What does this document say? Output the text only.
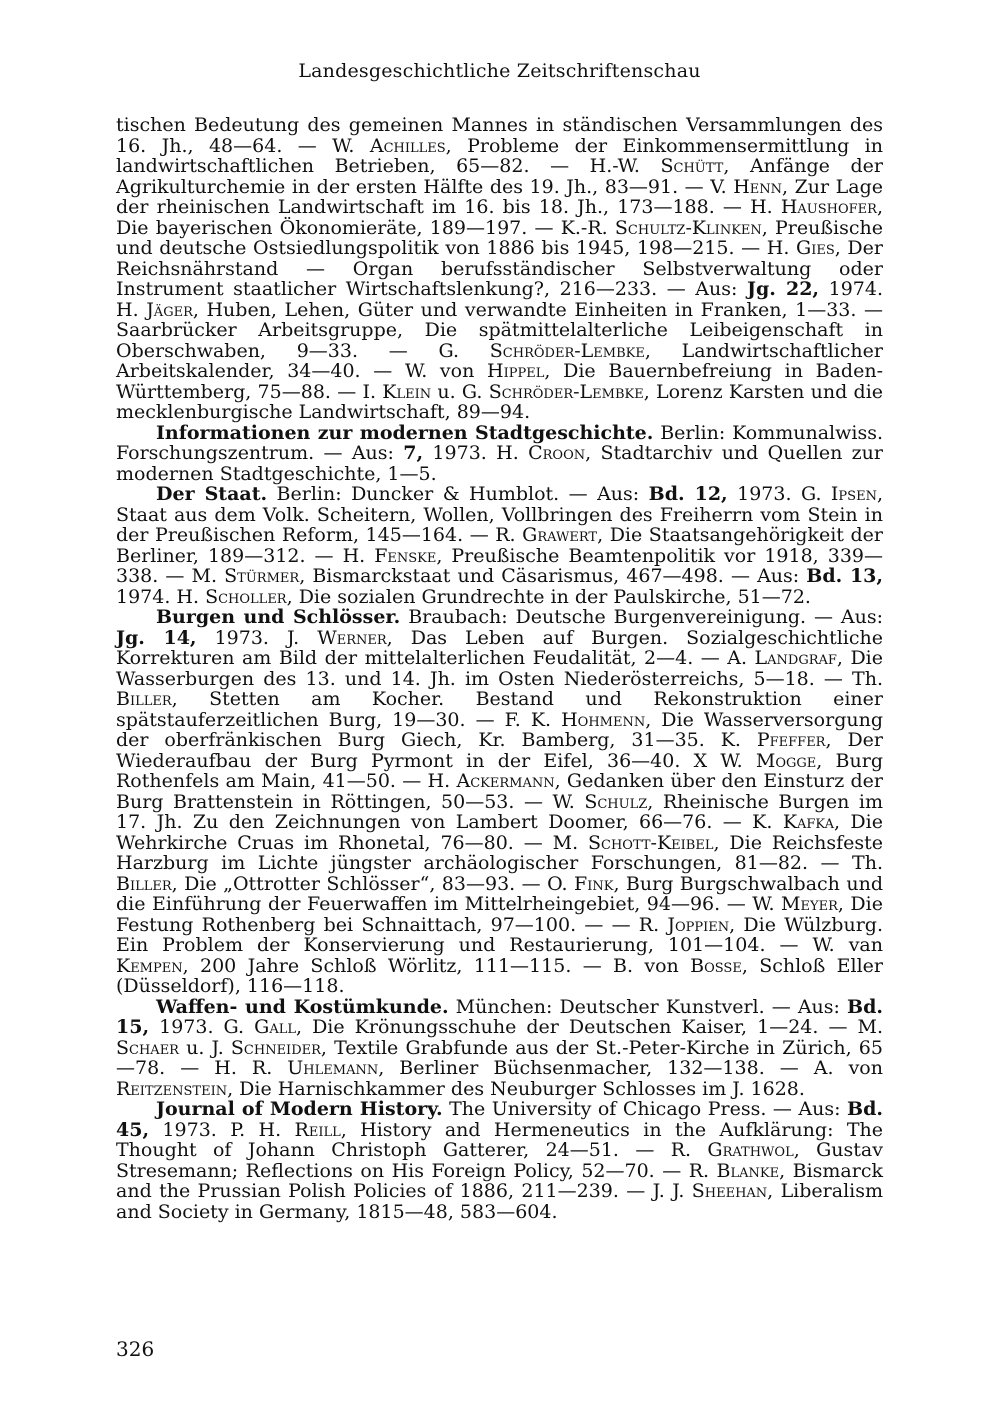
Landesgeschichtliche Zeitschriftenschau

tischen Bedeutung des gemeinen Mannes in ständischen Versammlungen des 16. Jh., 48—64. — W. Achilles, Probleme der Einkommensermittlung in landwirtschaftlichen Betrieben, 65—82. — H.-W. Schütt, Anfänge der Agrikulturchemie in der ersten Hälfte des 19. Jh., 83—91. — V. Henn, Zur Lage der rheinischen Landwirtschaft im 16. bis 18. Jh., 173—188. — H. Haushofer, Die bayerischen Ökonomieräte, 189—197. — K.-R. Schultz-Klinken, Preußische und deutsche Ostsiedlungspolitik von 1886 bis 1945, 198—215. — H. Gies, Der Reichsnährstand — Organ berufsständischer Selbstverwaltung oder Instrument staatlicher Wirtschaftslenkung?, 216—233. — Aus: Jg. 22, 1974. H. Jäger, Huben, Lehen, Güter und verwandte Einheiten in Franken, 1—33. — Saarbrücker Arbeitsgruppe, Die spätmittelalterliche Leibeigenschaft in Oberschwaben, 9—33. — G. Schröder-Lembke, Landwirtschaftlicher Arbeitskalender, 34—40. — W. von Hippel, Die Bauernbefreiung in Baden-Württemberg, 75—88. — I. Klein u. G. Schröder-Lembke, Lorenz Karsten und die mecklenburgische Landwirtschaft, 89—94.

Informationen zur modernen Stadtgeschichte. Berlin: Kommunalwiss. Forschungszentrum. — Aus: 7, 1973. H. Croon, Stadtarchiv und Quellen zur modernen Stadtgeschichte, 1—5.

Der Staat. Berlin: Duncker & Humblot. — Aus: Bd. 12, 1973. G. Ipsen, Staat aus dem Volk. Scheitern, Wollen, Vollbringen des Freiherrn vom Stein in der Preußischen Reform, 145—164. — R. Grawert, Die Staatsangehörigkeit der Berliner, 189—312. — H. Fenske, Preußische Beamtenpolitik vor 1918, 339—338. — M. Stürmer, Bismarckstaat und Cäsarismus, 467—498. — Aus: Bd. 13, 1974. H. Scholler, Die sozialen Grundrechte in der Paulskirche, 51—72.

Burgen und Schlösser. Braubach: Deutsche Burgenvereinigung. — Aus: Jg. 14, 1973. J. Werner, Das Leben auf Burgen. Sozialgeschichtliche Korrekturen am Bild der mittelalterlichen Feudalität, 2—4. — A. Landgraf, Die Wasserburgen des 13. und 14. Jh. im Osten Niederösterreichs, 5—18. — Th. Biller, Stetten am Kocher. Bestand und Rekonstruktion einer spätstauferzeitlichen Burg, 19—30. — F. K. Hohmenn, Die Wasserversorgung der oberfränkischen Burg Giech, Kr. Bamberg, 31—35. K. Pfeffer, Der Wiederaufbau der Burg Pyrmont in der Eifel, 36—40. X W. Mogge, Burg Rothenfels am Main, 41—50. — H. Ackermann, Gedanken über den Einsturz der Burg Brattenstein in Röttingen, 50—53. — W. Schulz, Rheinische Burgen im 17. Jh. Zu den Zeichnungen von Lambert Doomer, 66—76. — K. Kafka, Die Wehrkirche Cruas im Rhonetal, 76—80. — M. Schott-Keibel, Die Reichsfeste Harzburg im Lichte jüngster archäologischer Forschungen, 81—82. — Th. Biller, Die „Ottrotter Schlösser“, 83—93. — O. Fink, Burg Burgschwalbach und die Einführung der Feuerwaffen im Mittelrheingebiet, 94—96. — W. Meyer, Die Festung Rothenberg bei Schnaittach, 97—100. — — R. Joppien, Die Wülzburg. Ein Problem der Konservierung und Restaurierung, 101—104. — W. van Kempen, 200 Jahre Schloß Wörlitz, 111—115. — B. von Bosse, Schloß Eller (Düsseldorf), 116—118.

Waffen- und Kostümkunde. München: Deutscher Kunstverl. — Aus: Bd. 15, 1973. G. Gall, Die Krönungsschuhe der Deutschen Kaiser, 1—24. — M. Schaer u. J. Schneider, Textile Grabfunde aus der St.-Peter-Kirche in Zürich, 65—78. — H. R. Uhlemann, Berliner Büchsenmacher, 132—138. — A. von Reitzenstein, Die Harnischkammer des Neuburger Schlosses im J. 1628.

Journal of Modern History. The University of Chicago Press. — Aus: Bd. 45, 1973. P. H. Reill, History and Hermeneutics in the Aufklärung: The Thought of Johann Christoph Gatterer, 24—51. — R. Grathwol, Gustav Stresemann; Reflections on His Foreign Policy, 52—70. — R. Blanke, Bismarck and the Prussian Polish Policies of 1886, 211—239. — J. J. Sheehan, Liberalism and Society in Germany, 1815—48, 583—604.

326
